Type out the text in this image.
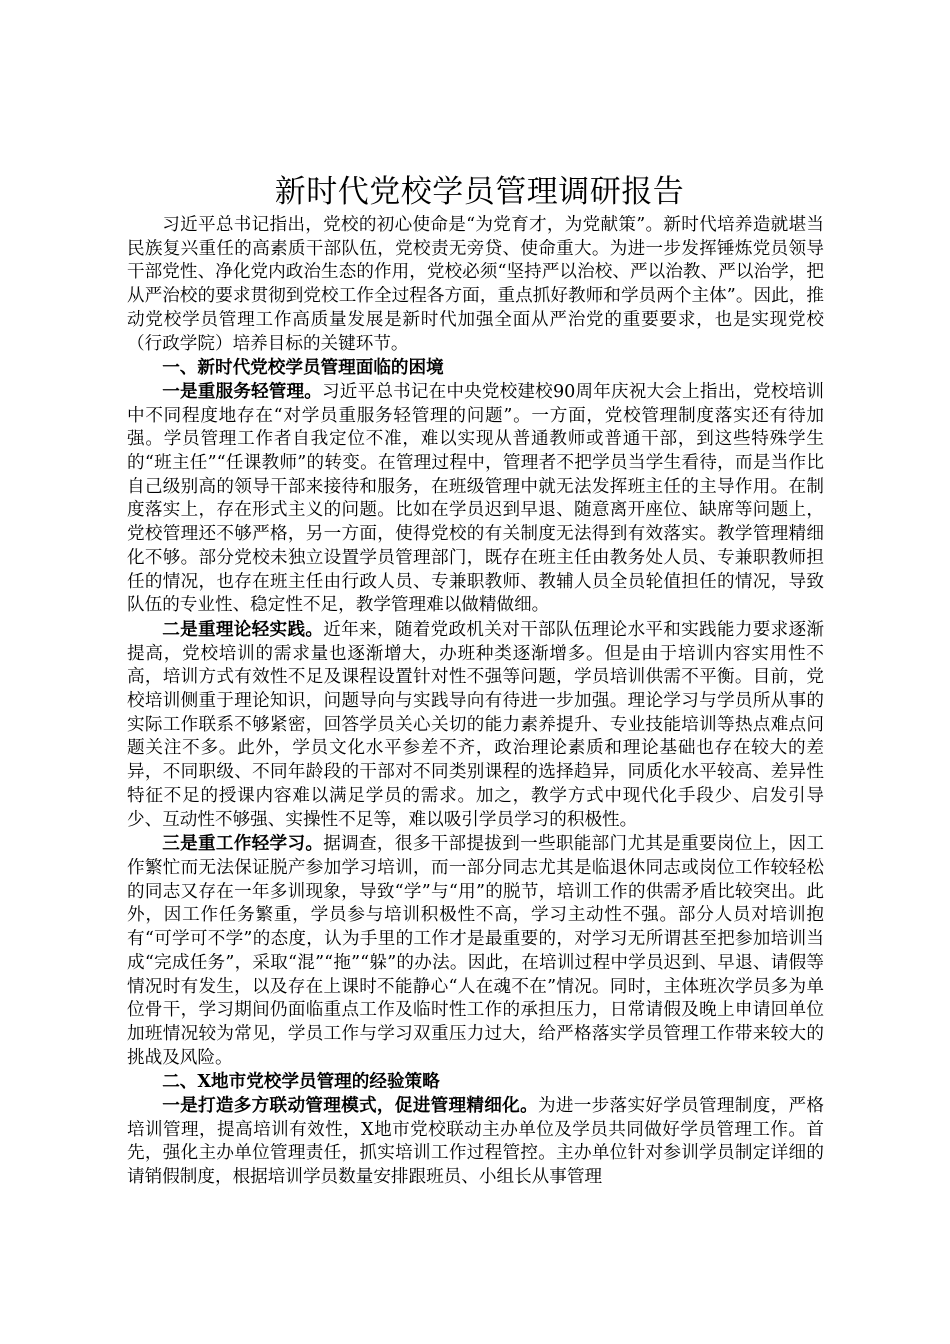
新时代党校学员管理调研报告

习近平总书记指出，党校的初心使命是“为党育才，为党献策”。新时代培养造就堪当民族复兴重任的高素质干部队伍，党校责无旁贷、使命重大。为进一步发挥锤炼党员领导干部党性、净化党内政治生态的作用，党校必须“坚持严以治校、严以治教、严以治学，把从严治校的要求贯彻到党校工作全过程各方面，重点抓好教师和学员两个主体”。因此，推动党校学员管理工作高质量发展是新时代加强全面从严治党的重要要求，也是实现党校（行政学院）培养目标的关键环节。

一、新时代党校学员管理面临的困境

一是重服务轻管理。习近平总书记在中央党校建校90周年庆祝大会上指出，党校培训中不同程度地存在“对学员重服务轻管理的问题”。一方面，党校管理制度落实还有待加强。学员管理工作者自我定位不准，难以实现从普通教师或普通干部，到这些特殊学生的“班主任”“任课教师”的转变。在管理过程中，管理者不把学员当学生看待，而是当作比自己级别高的领导干部来接待和服务，在班级管理中就无法发挥班主任的主导作用。在制度落实上，存在形式主义的问题。比如在学员迟到早退、随意离开座位、缺席等问题上，党校管理还不够严格，另一方面，使得党校的有关制度无法得到有效落实。教学管理精细化不够。部分党校未独立设置学员管理部门，既存在班主任由教务处人员、专兼职教师担任的情况，也存在班主任由行政人员、专兼职教师、教辅人员全员轮值担任的情况，导致队伍的专业性、稳定性不足，教学管理难以做精做细。

二是重理论轻实践。近年来，随着党政机关对干部队伍理论水平和实践能力要求逐渐提高，党校培训的需求量也逐渐增大，办班种类逐渐增多。但是由于培训内容实用性不高，培训方式有效性不足及课程设置针对性不强等问题，学员培训供需不平衡。目前，党校培训侧重于理论知识，问题导向与实践导向有待进一步加强。理论学习与学员所从事的实际工作联系不够紧密，回答学员关心关切的能力素养提升、专业技能培训等热点难点问题关注不多。此外，学员文化水平参差不齐，政治理论素质和理论基础也存在较大的差异，不同职级、不同年龄段的干部对不同类别课程的选择趋异，同质化水平较高、差异性特征不足的授课内容难以满足学员的需求。加之，教学方式中现代化手段少、启发引导少、互动性不够强、实操性不足等，难以吸引学员学习的积极性。

三是重工作轻学习。据调查，很多干部提拔到一些职能部门尤其是重要岗位上，因工作繁忙而无法保证脱产参加学习培训，而一部分同志尤其是临退休同志或岗位工作较轻松的同志又存在一年多训现象，导致“学”与“用”的脱节，培训工作的供需矛盾比较突出。此外，因工作任务繁重，学员参与培训积极性不高，学习主动性不强。部分人员对培训抱有“可学可不学”的态度，认为手里的工作才是最重要的，对学习无所谓甚至把参加培训当成“完成任务”，采取“混”“拖”“躲”的办法。因此，在培训过程中学员迟到、早退、请假等情况时有发生，以及存在上课时不能静心“人在魂不在”情况。同时，主体班次学员多为单位骨干，学习期间仍面临重点工作及临时性工作的承担压力，日常请假及晚上申请回单位加班情况较为常见，学员工作与学习双重压力过大，给严格落实学员管理工作带来较大的挑战及风险。

二、X地市党校学员管理的经验策略

一是打造多方联动管理模式，促进管理精细化。为进一步落实好学员管理制度，严格培训管理，提高培训有效性，X地市党校联动主办单位及学员共同做好学员管理工作。首先，强化主办单位管理责任，抓实培训工作过程管控。主办单位针对参训学员制定详细的请销假制度，根据培训学员数量安排跟班员、小组长从事管理
